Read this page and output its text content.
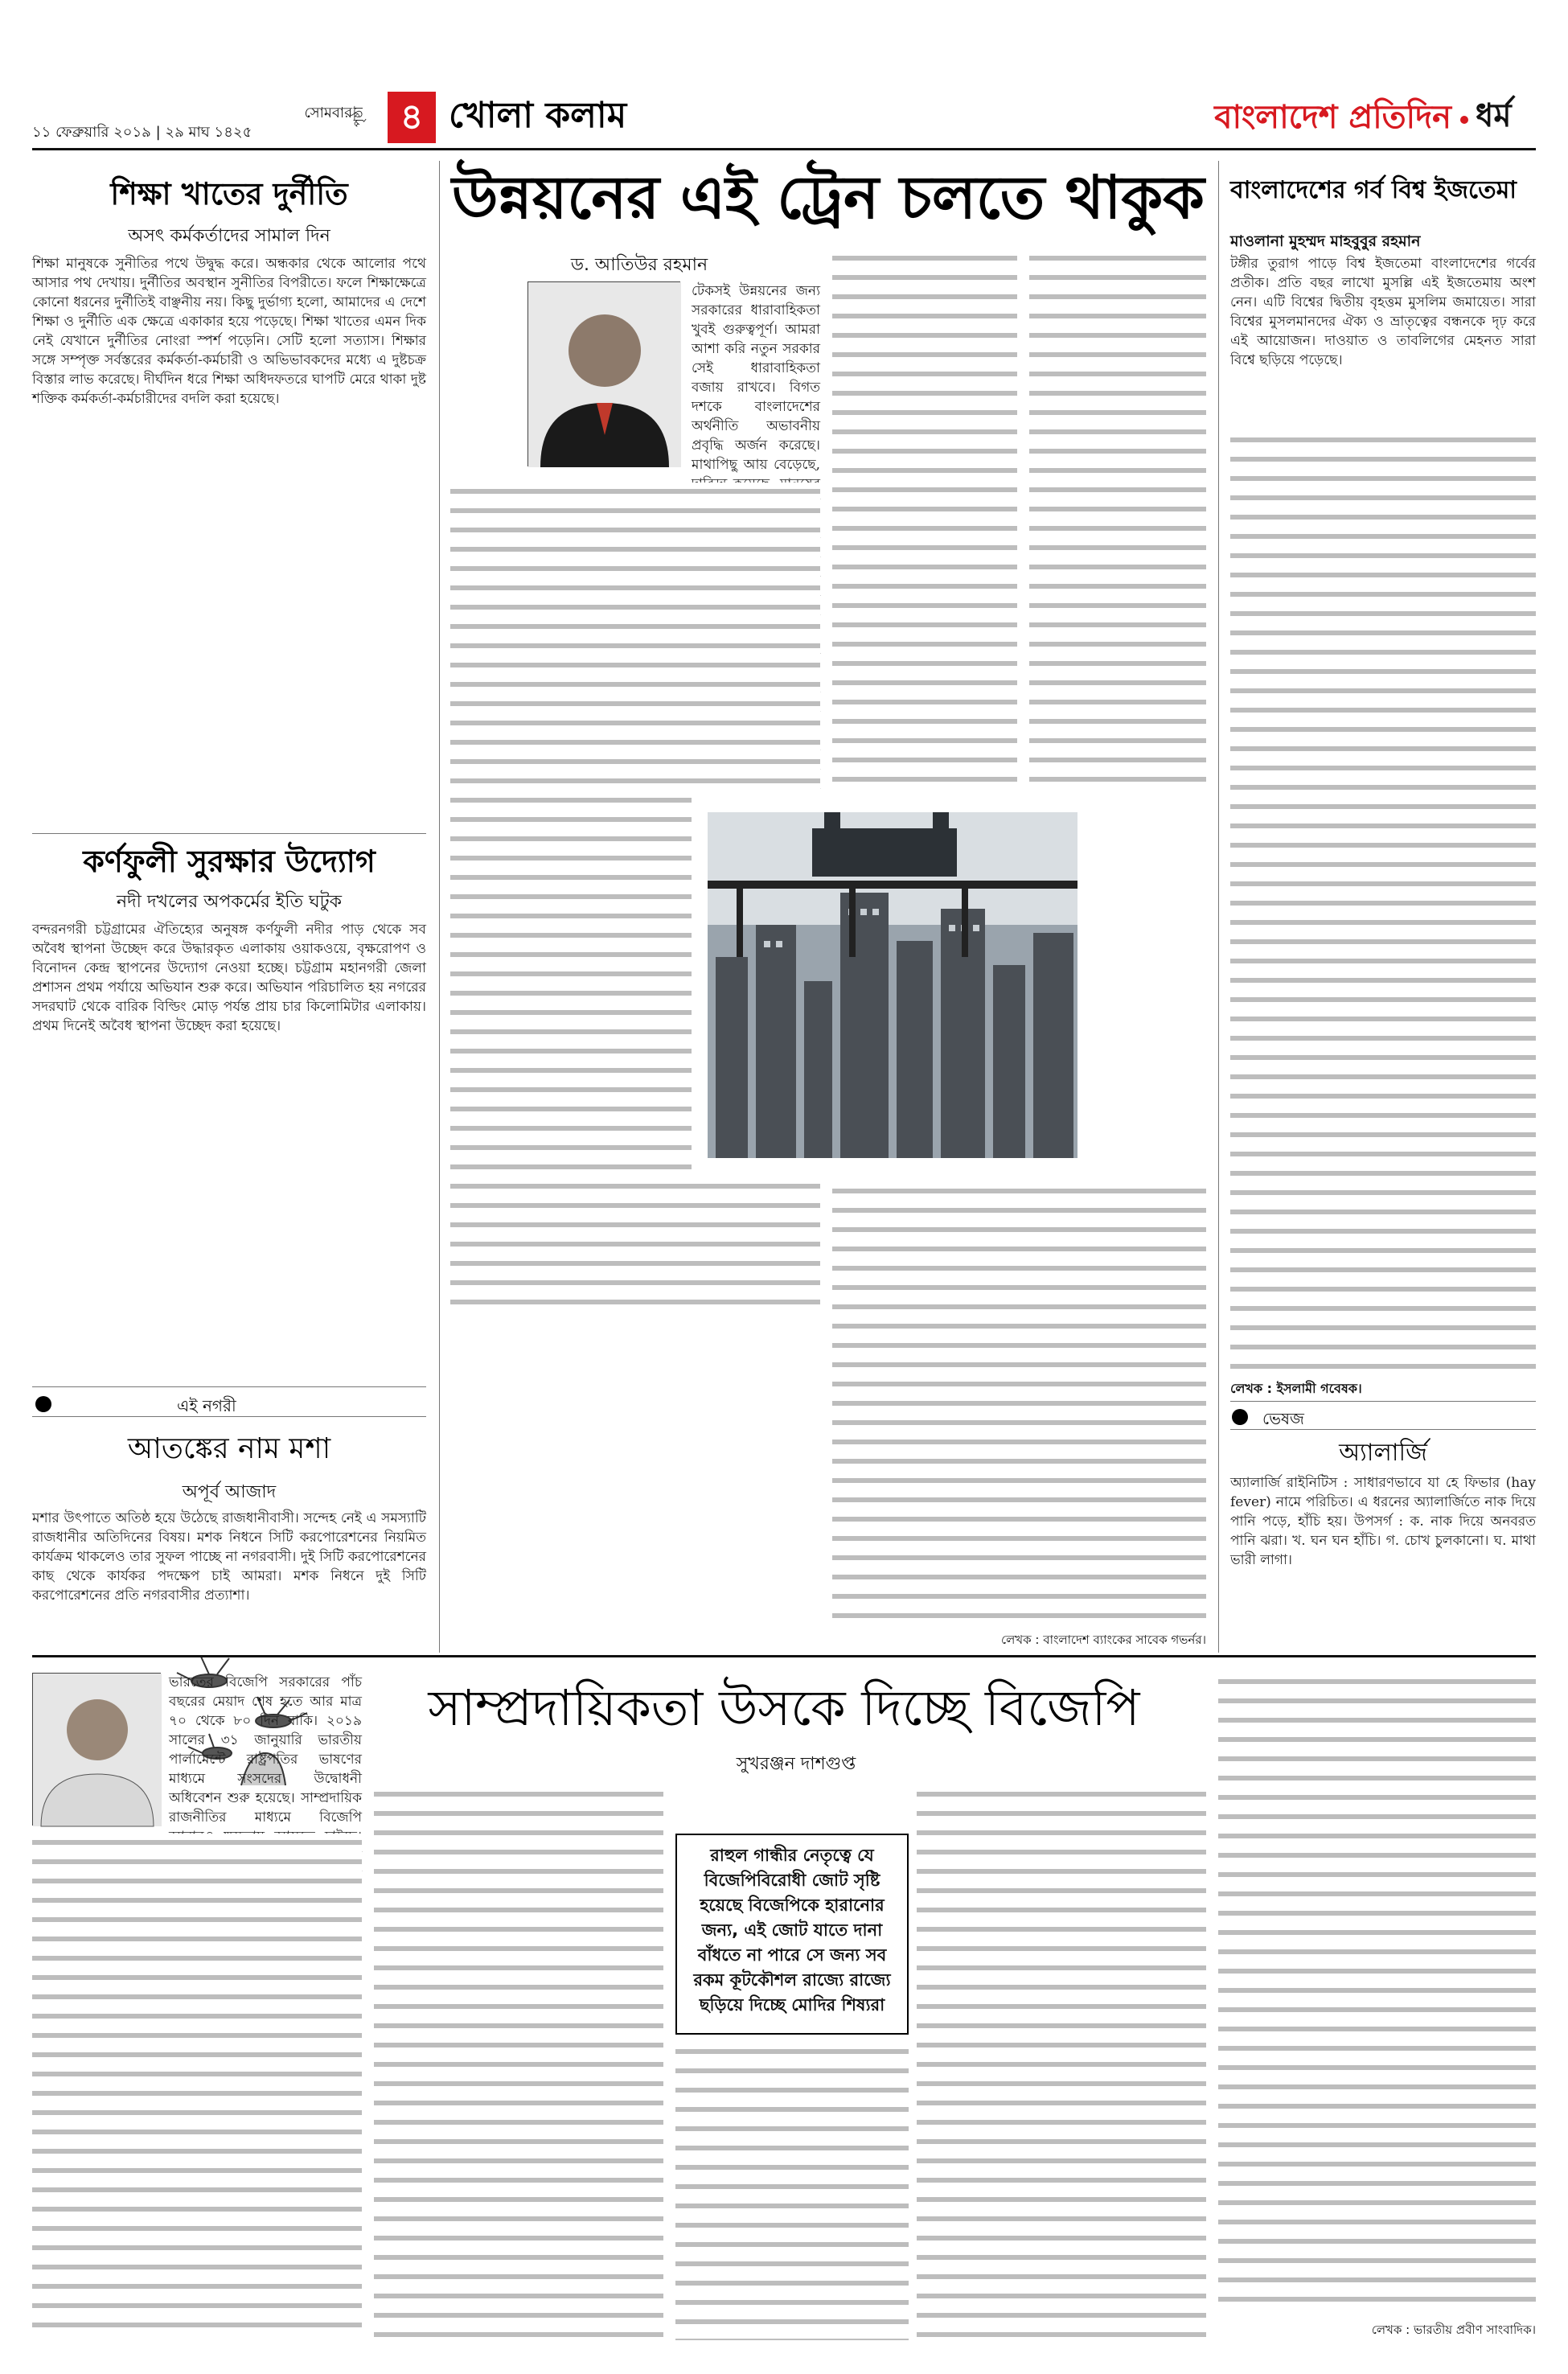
১১ ফেব্রুয়ারি ২০১৯ | ২৯ মাঘ ১৪২৫
সোমবার
পৃষ্ঠা ৪ খোলা কলাম	বাংলাদেশ প্রতিদিন ধর্ম
শিক্ষা খাতের দুর্নীতি
অসৎ কর্মকর্তাদের সামাল দিন
শিক্ষা মানুষকে সুনীতির পথে উদ্বুদ্ধ করে। অন্ধকার থেকে আলোর পথে আসার পথ দেখায়। দুর্নীতির অবস্থান সুনীতির বিপরীতে। ফলে শিক্ষাক্ষেত্রে কোনো ধরনের দুর্নীতিই বাঞ্ছনীয় নয়। কিছু দুর্ভাগ্য হলো, আমাদের এ দেশে শিক্ষা ও দুর্নীতি এক ক্ষেত্রে একাকার হয়ে পড়েছে। শিক্ষা খাতের এমন দিক নেই যেখানে দুর্নীতির নোংরা স্পর্শ পড়েনি। সেটি হলো সত্যাস। শিক্ষার সঙ্গে সম্পৃক্ত সর্বস্তরের কর্মকর্তা-কর্মচারী ও অভিভাবকদের মধ্যে এ দুষ্টচক্র বিস্তার লাভ করেছে। দীর্ঘদিন ধরে শিক্ষা অধিদফতরে ঘাপটি মেরে থাকা দুষ্ট শক্তিক কর্মকর্তা-কর্মচারীদের বদলি করা হয়েছে।
কর্ণফুলী সুরক্ষার উদ্যোগ
নদী দখলের অপকর্মের ইতি ঘটুক
বন্দরনগরী চট্টগ্রামের ঐতিহ্যের অনুষঙ্গ কর্ণফুলী নদীর পাড় থেকে সব অবৈধ স্থাপনা উচ্ছেদ করে উদ্ধারকৃত এলাকায় ওয়াকওয়ে, বৃক্ষরোপণ ও বিনোদন কেন্দ্র স্থাপনের উদ্যোগ নেওয়া হচ্ছে। চট্টগ্রাম মহানগরী জেলা প্রশাসন প্রথম পর্যায়ে অভিযান শুরু করে। অভিযান পরিচালিত হয় নগরের সদরঘাট থেকে বারিক বিল্ডিং মোড় পর্যন্ত প্রায় চার কিলোমিটার এলাকায়। প্রথম দিনেই অবৈধ স্থাপনা উচ্ছেদ করা হয়েছে।
এই নগরী
আতঙ্কের নাম মশা
অপূর্ব আজাদ
মশার উৎপাতে অতিষ্ঠ হয়ে উঠেছে রাজধানীবাসী। সন্দেহ নেই এ সমস্যাটি রাজধানীর অতিদিনের বিষয়। মশক নিধনে সিটি করপোরেশনের নিয়মিত কার্যক্রম থাকলেও তার সুফল পাচ্ছে না নগরবাসী। দুই সিটি করপোরেশনের কাছ থেকে কার্যকর পদক্ষেপ চাই আমরা। মশক নিধনে দুই সিটি করপোরেশনের প্রতি নগরবাসীর প্রত্যাশা।
উন্নয়নের এই ট্রেন চলতে থাকুক
ড. আতিউর রহমান
টেকসই উন্নয়নের জন্য সরকারের ধারাবাহিকতা খুবই গুরুত্বপূর্ণ। আমরা আশা করি নতুন সরকার সেই ধারাবাহিকতা বজায় রাখবে। বিগত দশকে বাংলাদেশের অর্থনীতি অভাবনীয় প্রবৃদ্ধি অর্জন করেছে। মাথাপিছু আয় বেড়েছে,
লেখক : বাংলাদেশ ব্যাংকের সাবেক গভর্নর।
বাংলাদেশের গর্ব বিশ্ব ইজতেমা
মাওলানা মুহম্মদ মাহবুবুর রহমান
টঙ্গীর তুরাগ পাড়ে বিশ্ব ইজতেমা বাংলাদেশের গর্বের প্রতীক। প্রতি বছর লাখো মুসল্লি এই ইজতেমায় অংশ নেন। এটি বিশ্বের দ্বিতীয় বৃহত্তম মুসলিম জমায়েত। সারা বিশ্বের মুসলমানদের ঐক্য ও ভ্রাতৃত্বের বন্ধনকে দৃঢ় করে এই আয়োজন। দাওয়াত ও তাবলিগের মেহনত সারা বিশ্বে ছড়িয়ে পড়েছে।
লেখক : ইসলামী গবেষক।
ভেষজ
অ্যালার্জি
অ্যালার্জি রাইনিটিস : সাধারণভাবে যা হে ফিভার (hay fever) নামে পরিচিত। এ ধরনের অ্যালার্জিতে নাক দিয়ে পানি পড়ে, হাঁচি হয়। উপসর্গ : ক. নাক দিয়ে অনবরত পানি ঝরা। খ. ঘন ঘন হাঁচি। গ. চোখ চুলকানো। ঘ. মাথা ভারী লাগা।
ভারতের বিজেপি সরকারের পাঁচ বছরের মেয়াদ শেষ হতে আর মাত্র ৭০ থেকে ৮০ দিন বাকি। ২০১৯ সালের ৩১ জানুয়ারি ভারতীয় পার্লামেন্টে রাষ্ট্রপতির ভাষণের মাধ্যমে সংসদের উদ্বোধনী অধিবেশন শুরু হয়েছে। সাম্প্রদায়িক রাজনীতির মাধ্যমে বিজেপি
সাম্প্রদায়িকতা উসকে দিচ্ছে বিজেপি
সুখরঞ্জন দাশগুপ্ত
রাহুল গান্ধীর নেতৃত্বে যে বিজেপিবিরোধী জোট সৃষ্টি হয়েছে বিজেপিকে হারানোর জন্য, এই জোট যাতে দানা বাঁধতে না পারে সে জন্য সব রকম কূটকৌশল রাজ্যে রাজ্যে ছড়িয়ে দিচ্ছে মোদির শিষ্যরা
লেখক : ভারতীয় প্রবীণ সাংবাদিক।
